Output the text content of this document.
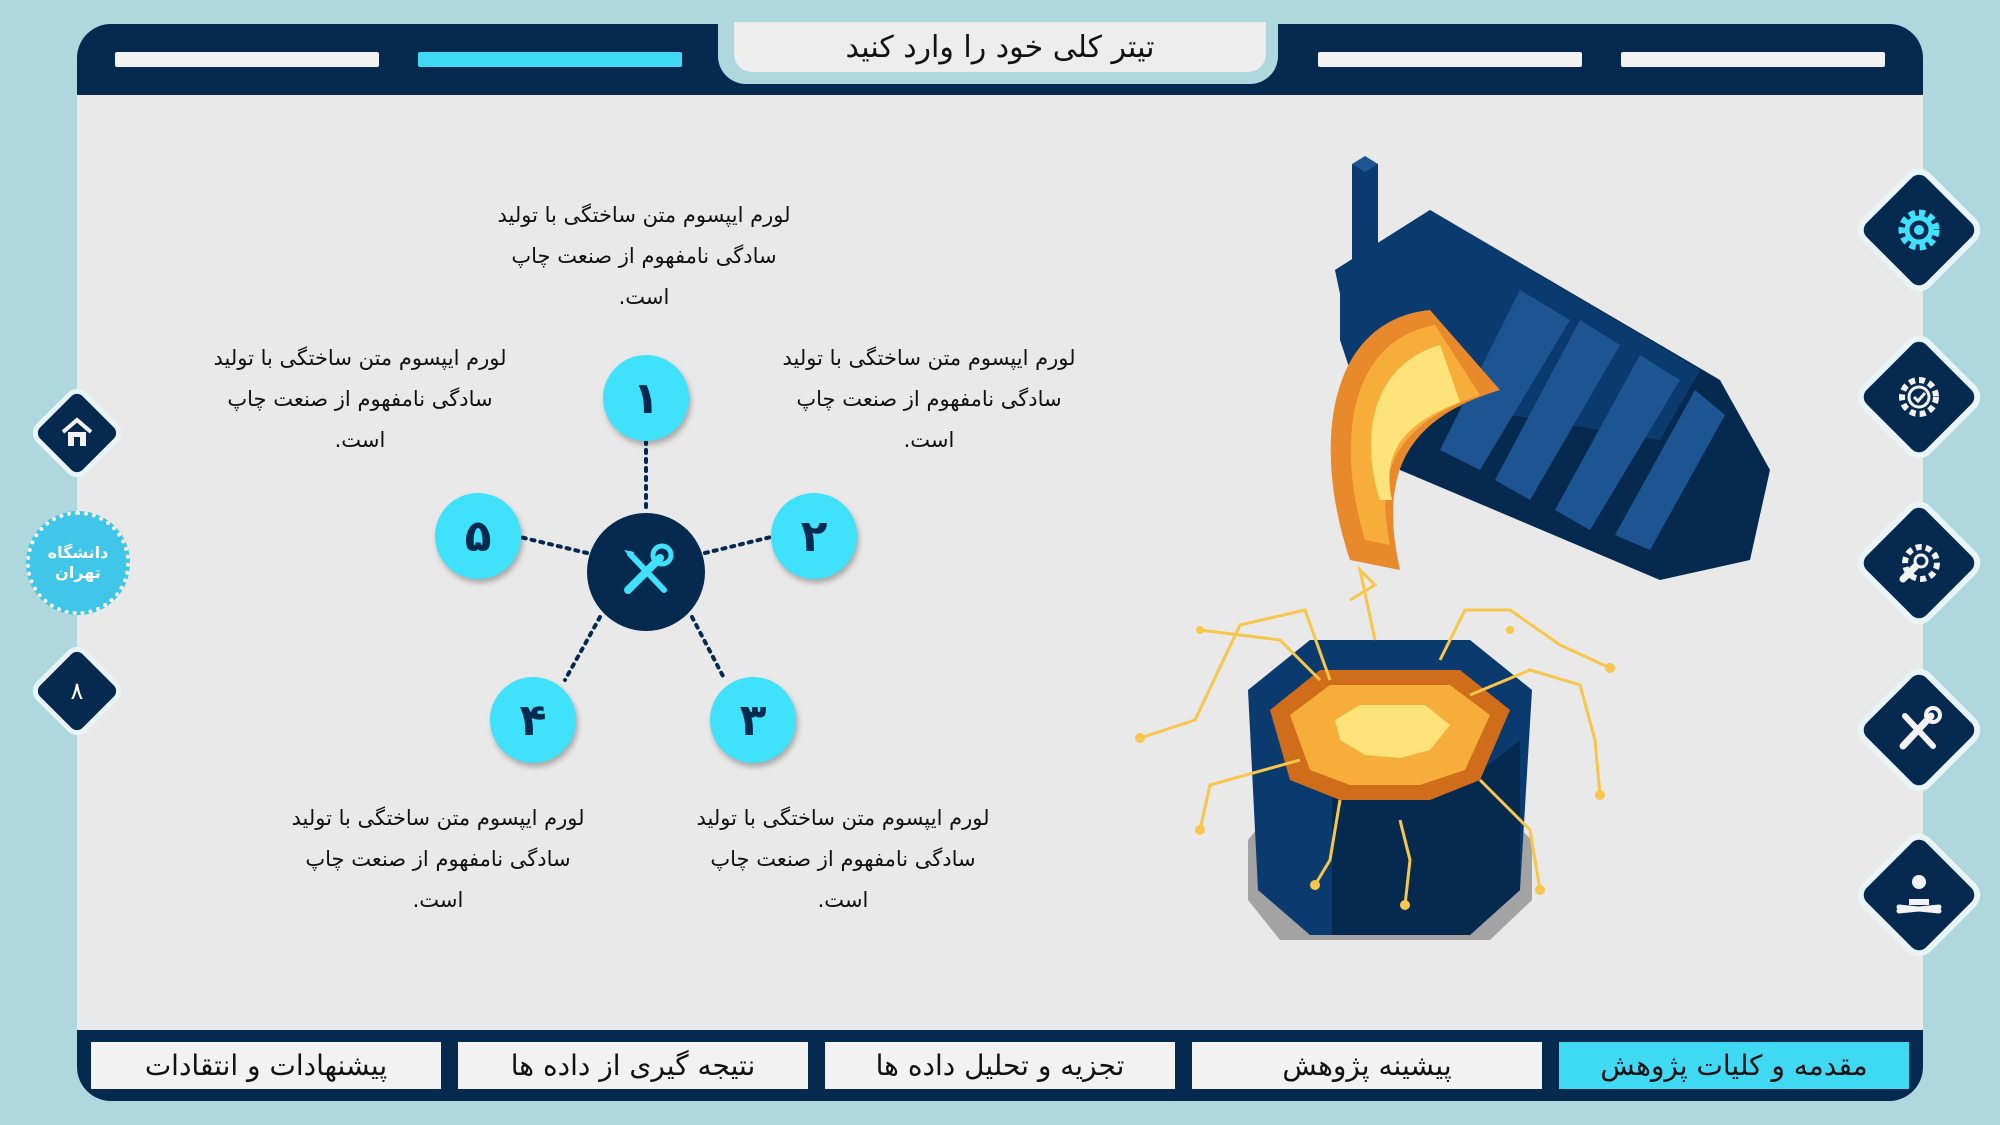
تیتر کلی خود را وارد کنید
دانشگاه تهران
۸
۱
۲
۳
۴
۵
لورم ایپسوم متن ساختگی با تولید سادگی نامفهوم از صنعت چاپ است.
لورم ایپسوم متن ساختگی با تولید سادگی نامفهوم از صنعت چاپ است.
لورم ایپسوم متن ساختگی با تولید سادگی نامفهوم از صنعت چاپ است.
لورم ایپسوم متن ساختگی با تولید سادگی نامفهوم از صنعت چاپ است.
لورم ایپسوم متن ساختگی با تولید سادگی نامفهوم از صنعت چاپ است.
مقدمه و کلیات پژوهش
پیشینه پژوهش
تجزیه و تحلیل داده ها
نتیجه گیری از داده ها
پیشنهادات و انتقادات
